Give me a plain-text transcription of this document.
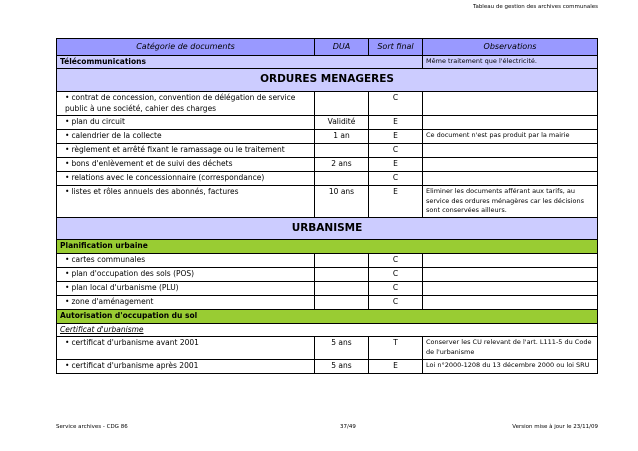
Tableau de gestion des archives communales
Catégorie de documents	DUA	Sort final	Observations
Télécommunications			Même traitement que l'électricité.
ORDURES MENAGERES			
• contrat de concession, convention de délégation de service public à une société, cahier des charges		C	
• plan du circuit	Validité	E	
• calendrier de la collecte	1 an	E	Ce document n'est pas produit par la mairie
• règlement et arrêté fixant le ramassage ou le traitement		C	
• bons d'enlèvement et de suivi des déchets	2 ans	E	
• relations avec le concessionnaire (correspondance)		C	
• listes et rôles annuels des abonnés, factures	10 ans	E	Eliminer les documents afférant aux tarifs, au service des ordures ménagères car les décisions sont conservées ailleurs.
URBANISME			
Planification urbaine			
• cartes communales		C	
• plan d'occupation des sols (POS)		C	
• plan local d'urbanisme (PLU)		C	
• zone d'aménagement		C	
Autorisation d'occupation du sol			
Certificat d'urbanisme			
• certificat d'urbanisme avant 2001	5 ans	T	Conserver les CU relevant de l'art. L111-5 du Code de l'urbanisme
• certificat d'urbanisme après 2001	5 ans	E	Loi n°2000-1208 du 13 décembre 2000 ou loi SRU
Service archives - CDG 86	37/49	Version mise à jour le 23/11/09
